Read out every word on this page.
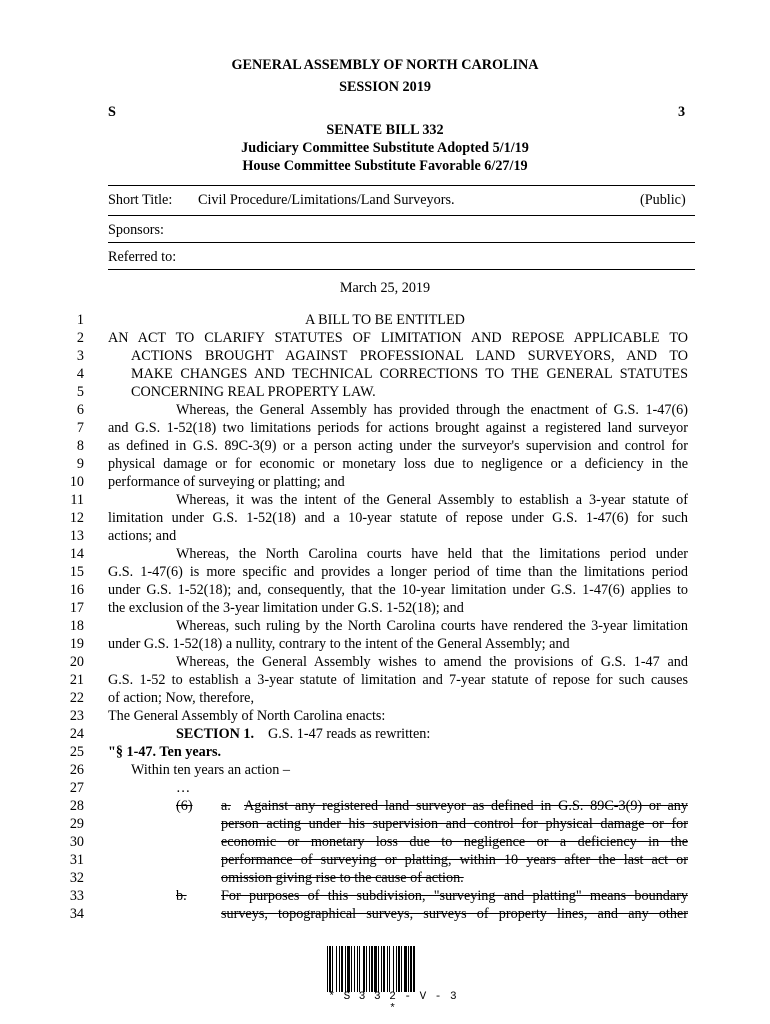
GENERAL ASSEMBLY OF NORTH CAROLINA
SESSION 2019
S	3
SENATE BILL 332
Judiciary Committee Substitute Adopted 5/1/19
House Committee Substitute Favorable 6/27/19
Short Title: Civil Procedure/Limitations/Land Surveyors.	(Public)
Sponsors:
Referred to:
March 25, 2019
1	A BILL TO BE ENTITLED
2 AN ACT TO CLARIFY STATUTES OF LIMITATION AND REPOSE APPLICABLE TO
3	ACTIONS BROUGHT AGAINST PROFESSIONAL LAND SURVEYORS, AND TO
4	MAKE CHANGES AND TECHNICAL CORRECTIONS TO THE GENERAL STATUTES
5	CONCERNING REAL PROPERTY LAW.
6	Whereas, the General Assembly has provided through the enactment of G.S. 1-47(6)
7 and G.S. 1-52(18) two limitations periods for actions brought against a registered land surveyor
8 as defined in G.S. 89C-3(9) or a person acting under the surveyor's supervision and control for
9 physical damage or for economic or monetary loss due to negligence or a deficiency in the
10 performance of surveying or platting; and
11	Whereas, it was the intent of the General Assembly to establish a 3-year statute of
12 limitation under G.S. 1-52(18) and a 10-year statute of repose under G.S. 1-47(6) for such
13 actions; and
14	Whereas, the North Carolina courts have held that the limitations period under
15 G.S. 1-47(6) is more specific and provides a longer period of time than the limitations period
16 under G.S. 1-52(18); and, consequently, that the 10-year limitation under G.S. 1-47(6) applies to
17 the exclusion of the 3-year limitation under G.S. 1-52(18); and
18	Whereas, such ruling by the North Carolina courts have rendered the 3-year limitation
19 under G.S. 1-52(18) a nullity, contrary to the intent of the General Assembly; and
20	Whereas, the General Assembly wishes to amend the provisions of G.S. 1-47 and
21 G.S. 1-52 to establish a 3-year statute of limitation and 7-year statute of repose for such causes
22 of action; Now, therefore,
23 The General Assembly of North Carolina enacts:
24	SECTION 1. G.S. 1-47 reads as rewritten:
25 "§ 1-47. Ten years.
26	Within ten years an action –
27	…
28	(6) a. Against any registered land surveyor as defined in G.S. 89C-3(9) or any
29	person acting under his supervision and control for physical damage or for
30	economic or monetary loss due to negligence or a deficiency in the
31	performance of surveying or platting, within 10 years after the last act or
32	omission giving rise to the cause of action.
33	b. For purposes of this subdivision, "surveying and platting" means boundary
34	surveys, topographical surveys, surveys of property lines, and any other
* S 3 3 2 - V - 3 *
